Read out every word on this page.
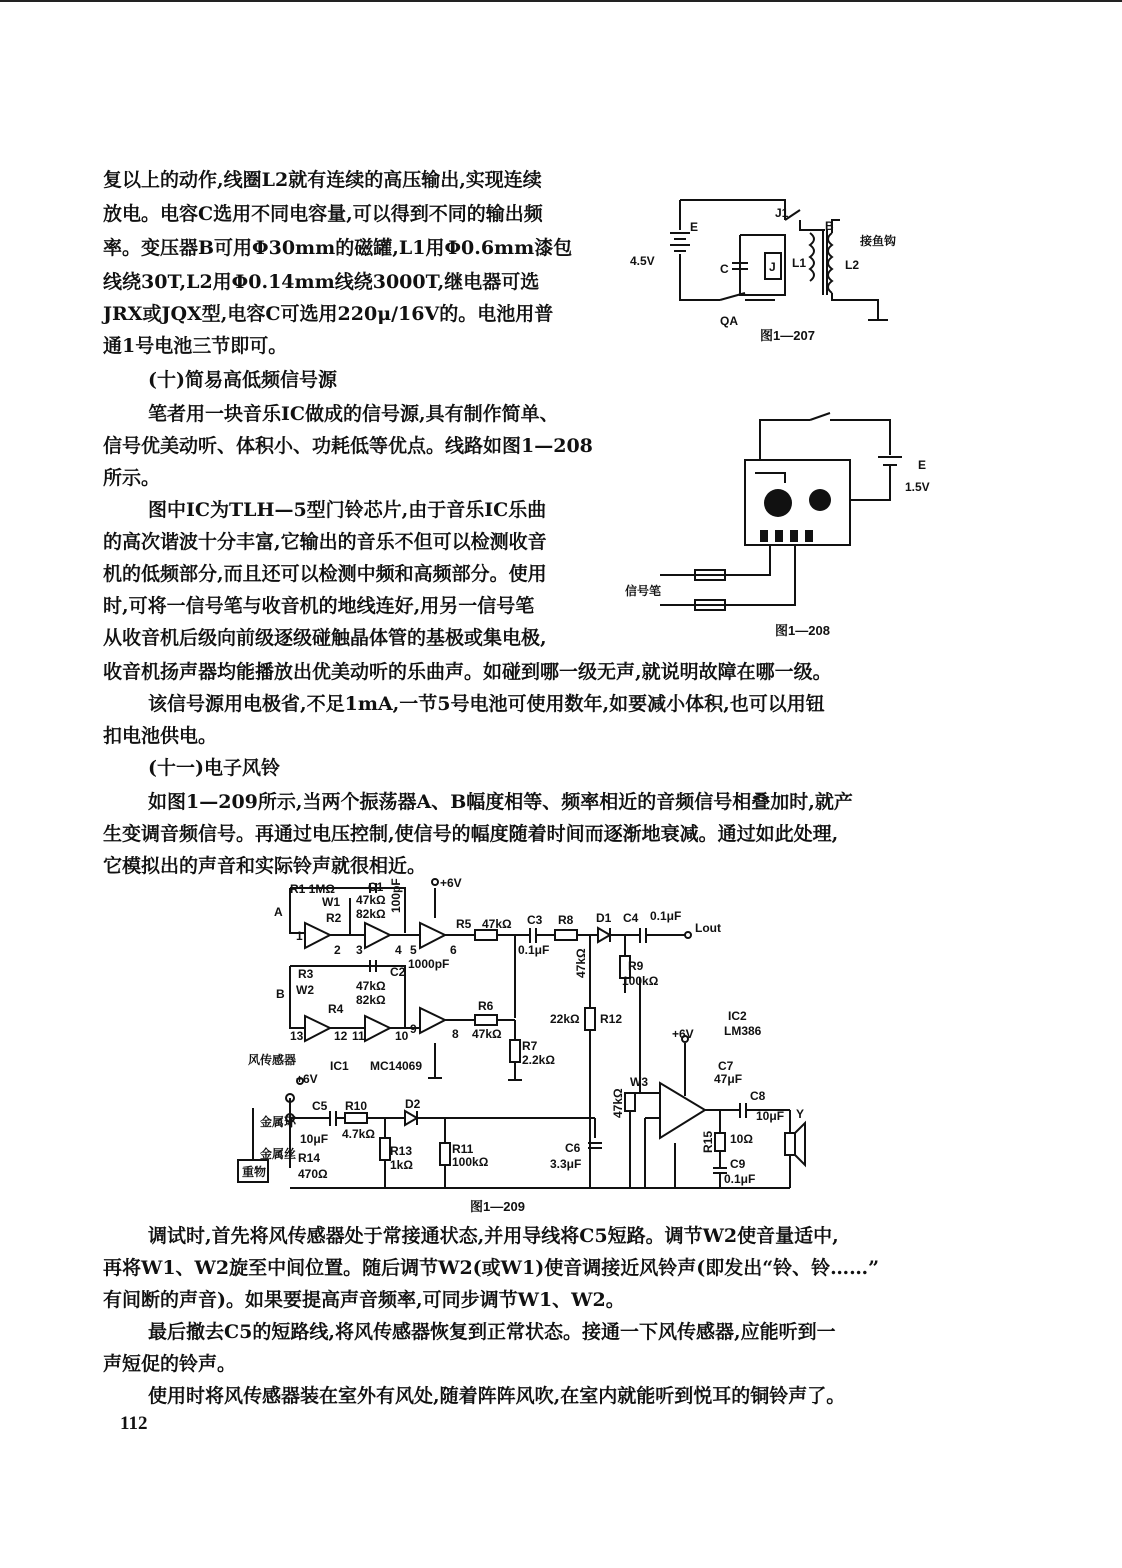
复以上的动作,线圈L2就有连续的高压输出,实现连续
放电。电容C选用不同电容量,可以得到不同的输出频
率。变压器B可用Φ30mm的磁罐,L1用Φ0.6mm漆包
线绕30T,L2用Φ0.14mm线绕3000T,继电器可选
JRX或JQX型,电容C可选用220μ/16V的。电池用普
通1号电池三节即可。
(十)简易高低频信号源
笔者用一块音乐IC做成的信号源,具有制作简单、
信号优美动听、体积小、功耗低等优点。线路如图1—208
所示。
图中IC为TLH—5型门铃芯片,由于音乐IC乐曲
的高次谐波十分丰富,它输出的音乐不但可以检测收音
机的低频部分,而且还可以检测中频和高频部分。使用
时,可将一信号笔与收音机的地线连好,用另一信号笔
从收音机后级向前级逐级碰触晶体管的基极或集电极,
收音机扬声器均能播放出优美动听的乐曲声。如碰到哪一级无声,就说明故障在哪一级。
该信号源用电极省,不足1mA,一节5号电池可使用数年,如要减小体积,也可以用钮
扣电池供电。
(十一)电子风铃
如图1—209所示,当两个振荡器A、B幅度相等、频率相近的音频信号相叠加时,就产
生变调音频信号。再通过电压控制,使信号的幅度随着时间而逐渐地衰减。通过如此处理,
它模拟出的声音和实际铃声就很相近。
调试时,首先将风传感器处于常接通状态,并用导线将C5短路。调节W2使音量适中,
再将W1、W2旋至中间位置。随后调节W2(或W1)使音调接近风铃声(即发出“铃、铃……”
有间断的声音)。如果要提高声音频率,可同步调节W1、W2。
最后撤去C5的短路线,将风传感器恢复到正常状态。接通一下风传感器,应能听到一
声短促的铃声。
使用时将风传感器装在室外有风处,随着阵阵风吹,在室内就能听到悦耳的铜铃声了。
112
E
4.5V
J1
B
C	J L1	L2
接鱼钩
QA
图1—207
E
1.5V
信号笔
图1—208
R1 1MΩ	C1 100pF	+6V
W1 47kΩ
A	R2 82kΩ
R5 47kΩ C3
0.1μF
R8
47kΩ
D1 C4 0.1μF
Lout
R3
W2	47kΩ
C2
1000pF
B
R4
82kΩ
R9
100kΩ
R6
47kΩ
R12
22kΩ	IC2
LM386
R7
2.2kΩ
IC1 MC14069
风传感器
+6V
+6V
C7
47μF
W3
47kΩ
C5
10μF
R10
4.7kΩ
D2
C8
10μF Y
金属环
金属丝	R13
1kΩ
R11
100kΩ
C6
3.3μF
R15 10Ω
C9
0.1μF
R14
470Ω
重物
1
2 3	4 5	6
13	12 11	10 9	8
图1—209
